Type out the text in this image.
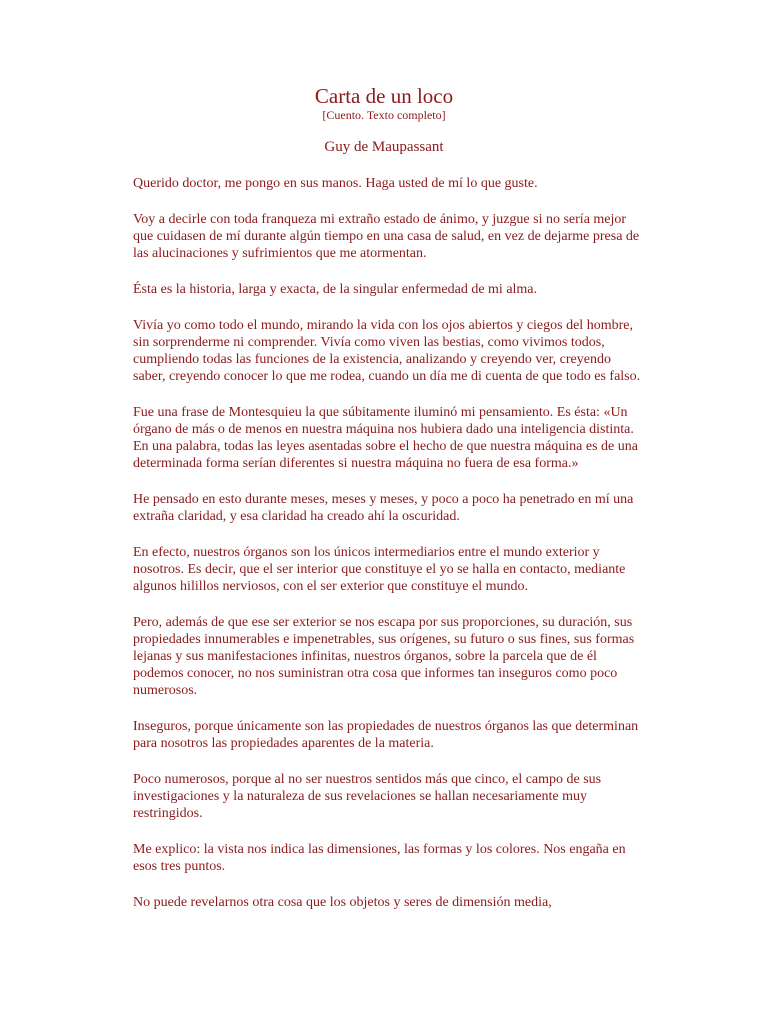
Carta de un loco
[Cuento. Texto completo]
Guy de Maupassant

Querido doctor, me pongo en sus manos. Haga usted de mí lo que guste.

Voy a decirle con toda franqueza mi extraño estado de ánimo, y juzgue si no sería mejor que cuidasen de mí durante algún tiempo en una casa de salud, en vez de dejarme presa de las alucinaciones y sufrimientos que me atormentan.

Ésta es la historia, larga y exacta, de la singular enfermedad de mi alma.

Vivía yo como todo el mundo, mirando la vida con los ojos abiertos y ciegos del hombre, sin sorprenderme ni comprender. Vivía como viven las bestias, como vivimos todos, cumpliendo todas las funciones de la existencia, analizando y creyendo ver, creyendo saber, creyendo conocer lo que me rodea, cuando un día me di cuenta de que todo es falso.

Fue una frase de Montesquieu la que súbitamente iluminó mi pensamiento. Es ésta: «Un órgano de más o de menos en nuestra máquina nos hubiera dado una inteligencia distinta. En una palabra, todas las leyes asentadas sobre el hecho de que nuestra máquina es de una determinada forma serían diferentes si nuestra máquina no fuera de esa forma.»

He pensado en esto durante meses, meses y meses, y poco a poco ha penetrado en mí una extraña claridad, y esa claridad ha creado ahí la oscuridad.

En efecto, nuestros órganos son los únicos intermediarios entre el mundo exterior y nosotros. Es decir, que el ser interior que constituye el yo se halla en contacto, mediante algunos hilillos nerviosos, con el ser exterior que constituye el mundo.

Pero, además de que ese ser exterior se nos escapa por sus proporciones, su duración, sus propiedades innumerables e impenetrables, sus orígenes, su futuro o sus fines, sus formas lejanas y sus manifestaciones infinitas, nuestros órganos, sobre la parcela que de él podemos conocer, no nos suministran otra cosa que informes tan inseguros como poco numerosos.

Inseguros, porque únicamente son las propiedades de nuestros órganos las que determinan para nosotros las propiedades aparentes de la materia.

Poco numerosos, porque al no ser nuestros sentidos más que cinco, el campo de sus investigaciones y la naturaleza de sus revelaciones se hallan necesariamente muy restringidos.

Me explico: la vista nos indica las dimensiones, las formas y los colores. Nos engaña en esos tres puntos.

No puede revelarnos otra cosa que los objetos y seres de dimensión media,
